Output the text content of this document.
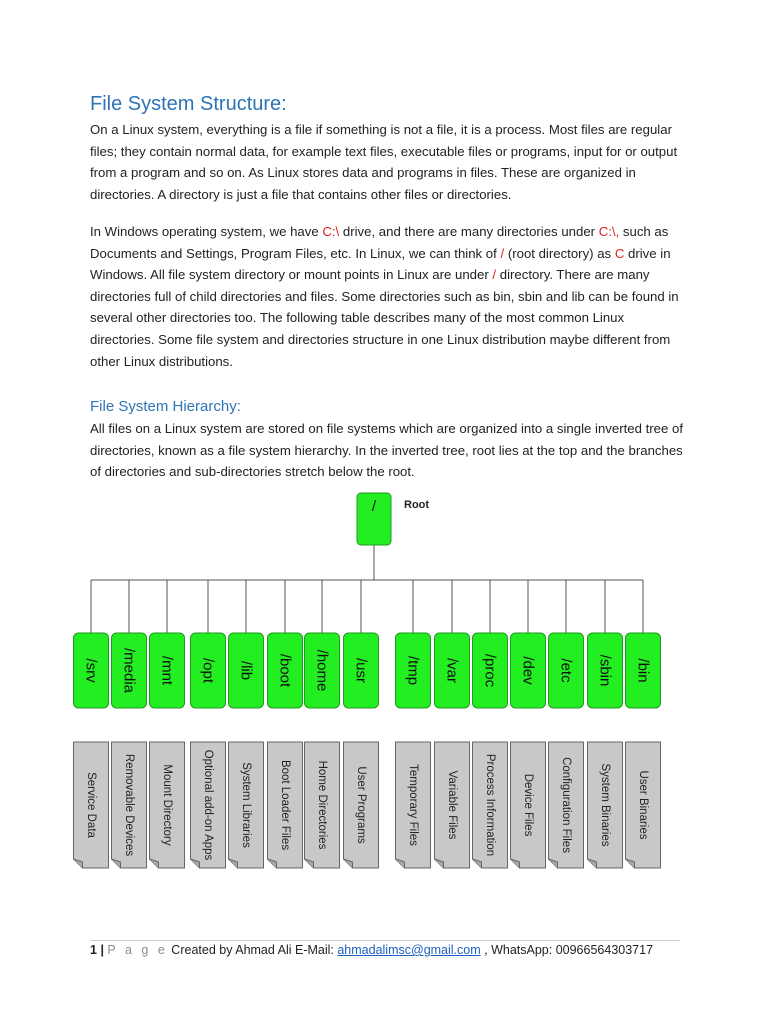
File System Structure:

On a Linux system, everything is a file if something is not a file, it is a process. Most files are regular files; they contain normal data, for example text files, executable files or programs, input for or output from a program and so on. As Linux stores data and programs in files. These are organized in directories. A directory is just a file that contains other files or directories.

In Windows operating system, we have C:\ drive, and there are many directories under C:\, such as Documents and Settings, Program Files, etc. In Linux, we can think of / (root directory) as C drive in Windows. All file system directory or mount points in Linux are under / directory. There are many directories full of child directories and files. Some directories such as bin, sbin and lib can be found in several other directories too. The following table describes many of the most common Linux directories. Some file system and directories structure in one Linux distribution maybe different from other Linux distributions.

File System Hierarchy:

All files on a Linux system are stored on file systems which are organized into a single inverted tree of directories, known as a file system hierarchy. In the inverted tree, root lies at the top and the branches of directories and sub-directories stretch below the root.

/	Root
/srv
Service Data
/media
Removable Devices
/mnt
Mount Directory
/opt
Optional add-on Apps
/lib
System Libraries
/boot
Boot Loader Files
/home
Home Directories
/usr
User Programs
/tmp
Temporary Files
/var
Variable Files
/proc
Process Information
/dev
Device Files
/etc
Configuration Files
/sbin
System Binaries
/bin
User Binaries
1 | P a g e Created by Ahmad Ali E-Mail: ahmadalimsc@gmail.com , WhatsApp: 00966564303717
